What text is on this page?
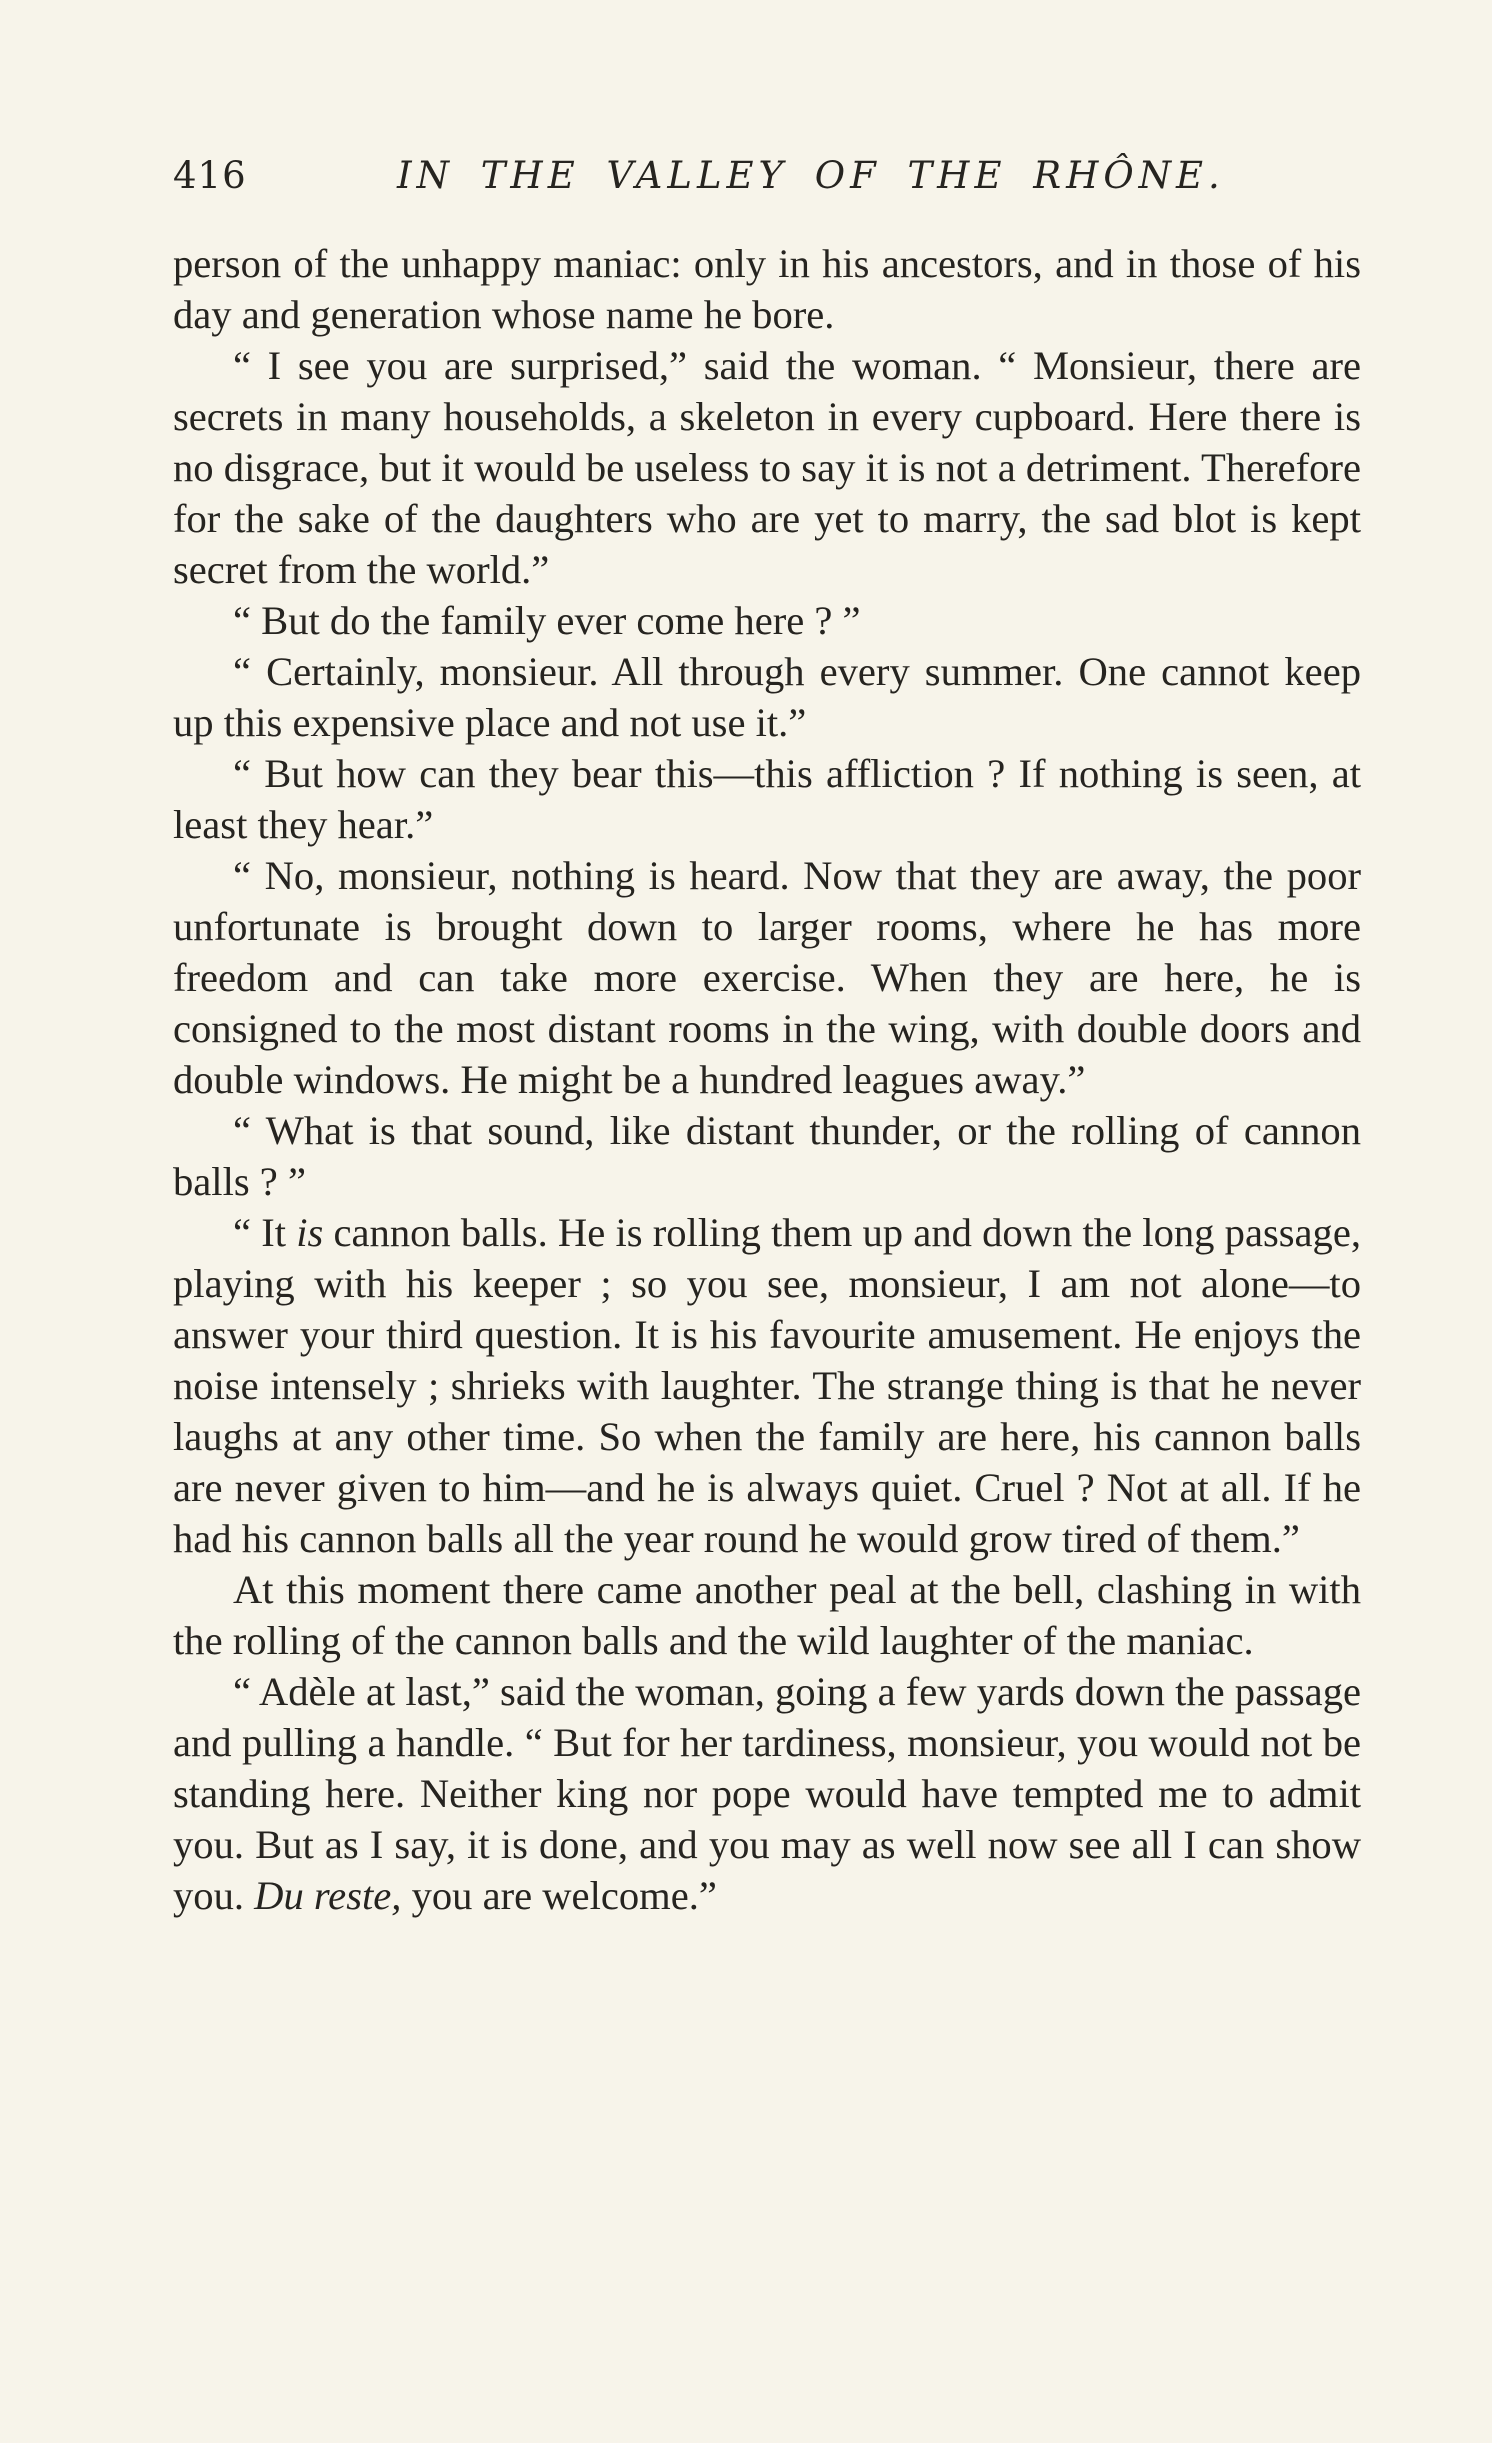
416	IN THE VALLEY OF THE RHÔNE.

person of the unhappy maniac: only in his ancestors, and in those of his day and generation whose name he bore.

“ I see you are surprised,” said the woman. “ Monsieur, there are secrets in many households, a skeleton in every cupboard. Here there is no disgrace, but it would be useless to say it is not a detriment. Therefore for the sake of the daughters who are yet to marry, the sad blot is kept secret from the world.”

“ But do the family ever come here ? ”

“ Certainly, monsieur. All through every summer. One cannot keep up this expensive place and not use it.”

“ But how can they bear this—this affliction ? If nothing is seen, at least they hear.”

“ No, monsieur, nothing is heard. Now that they are away, the poor unfortunate is brought down to larger rooms, where he has more freedom and can take more exercise. When they are here, he is consigned to the most distant rooms in the wing, with double doors and double windows. He might be a hundred leagues away.”

“ What is that sound, like distant thunder, or the rolling of cannon balls ? ”

“ It is cannon balls. He is rolling them up and down the long passage, playing with his keeper ; so you see, monsieur, I am not alone—to answer your third question. It is his favourite amusement. He enjoys the noise intensely ; shrieks with laughter. The strange thing is that he never laughs at any other time. So when the family are here, his cannon balls are never given to him—and he is always quiet. Cruel ? Not at all. If he had his cannon balls all the year round he would grow tired of them.”

At this moment there came another peal at the bell, clashing in with the rolling of the cannon balls and the wild laughter of the maniac.

“ Adèle at last,” said the woman, going a few yards down the passage and pulling a handle. “ But for her tardiness, monsieur, you would not be standing here. Neither king nor pope would have tempted me to admit you. But as I say, it is done, and you may as well now see all I can show you. Du reste, you are welcome.”
